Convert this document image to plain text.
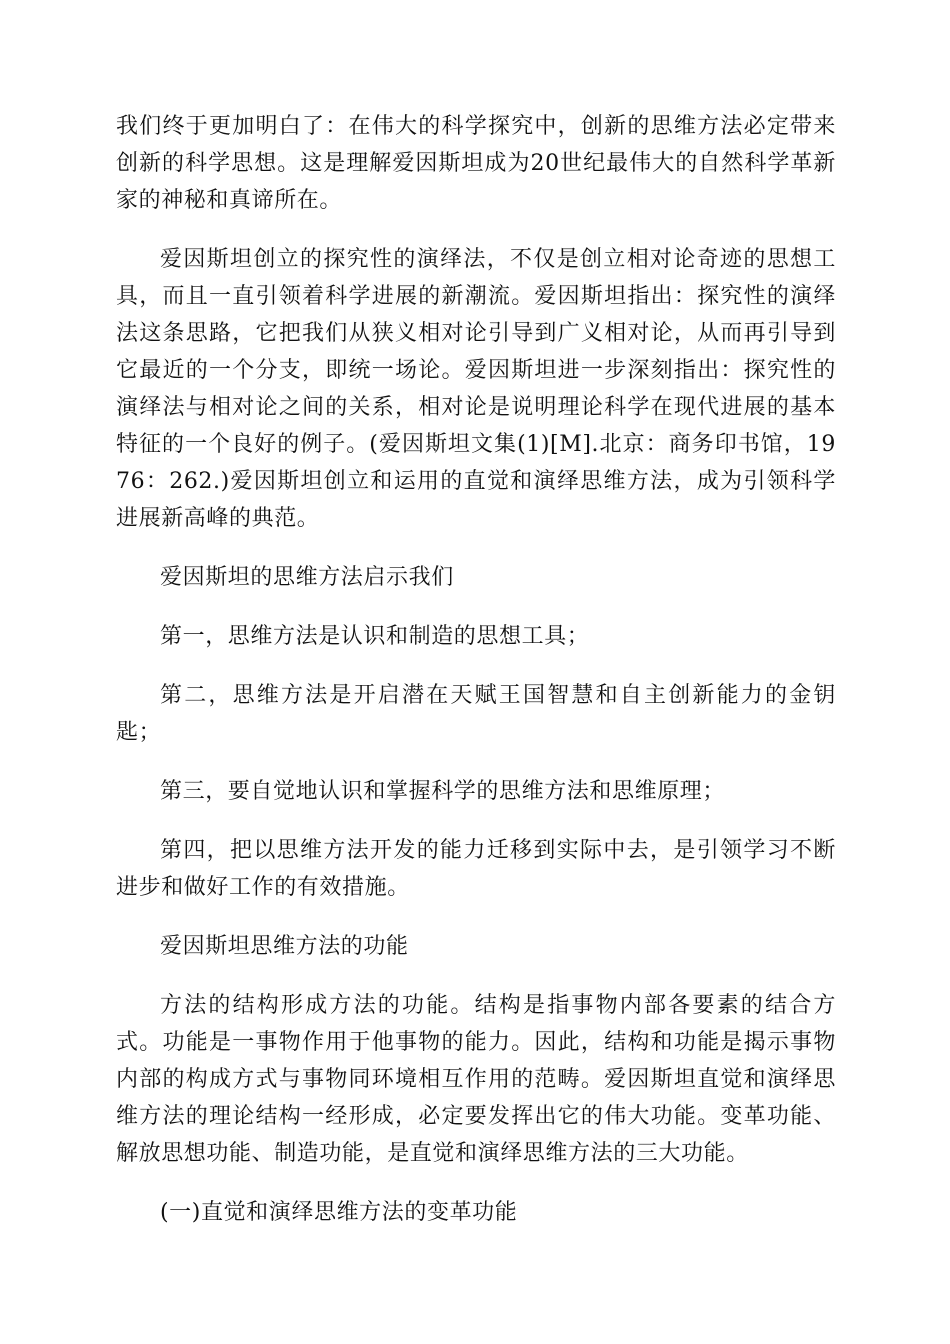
我们终于更加明白了：在伟大的科学探究中，创新的思维方法必定带来创新的科学思想。这是理解爱因斯坦成为20世纪最伟大的自然科学革新家的神秘和真谛所在。

爱因斯坦创立的探究性的演绎法，不仅是创立相对论奇迹的思想工具，而且一直引领着科学进展的新潮流。爱因斯坦指出：探究性的演绎法这条思路，它把我们从狭义相对论引导到广义相对论，从而再引导到它最近的一个分支，即统一场论。爱因斯坦进一步深刻指出：探究性的演绎法与相对论之间的关系，相对论是说明理论科学在现代进展的基本特征的一个良好的例子。(爱因斯坦文集(1)[M].北京：商务印书馆，1976：262.)爱因斯坦创立和运用的直觉和演绎思维方法，成为引领科学进展新高峰的典范。

爱因斯坦的思维方法启示我们

第一，思维方法是认识和制造的思想工具；

第二，思维方法是开启潜在天赋王国智慧和自主创新能力的金钥匙；

第三，要自觉地认识和掌握科学的思维方法和思维原理；

第四，把以思维方法开发的能力迁移到实际中去，是引领学习不断进步和做好工作的有效措施。

爱因斯坦思维方法的功能

方法的结构形成方法的功能。结构是指事物内部各要素的结合方式。功能是一事物作用于他事物的能力。因此，结构和功能是揭示事物内部的构成方式与事物同环境相互作用的范畴。爱因斯坦直觉和演绎思维方法的理论结构一经形成，必定要发挥出它的伟大功能。变革功能、解放思想功能、制造功能，是直觉和演绎思维方法的三大功能。

(一)直觉和演绎思维方法的变革功能
